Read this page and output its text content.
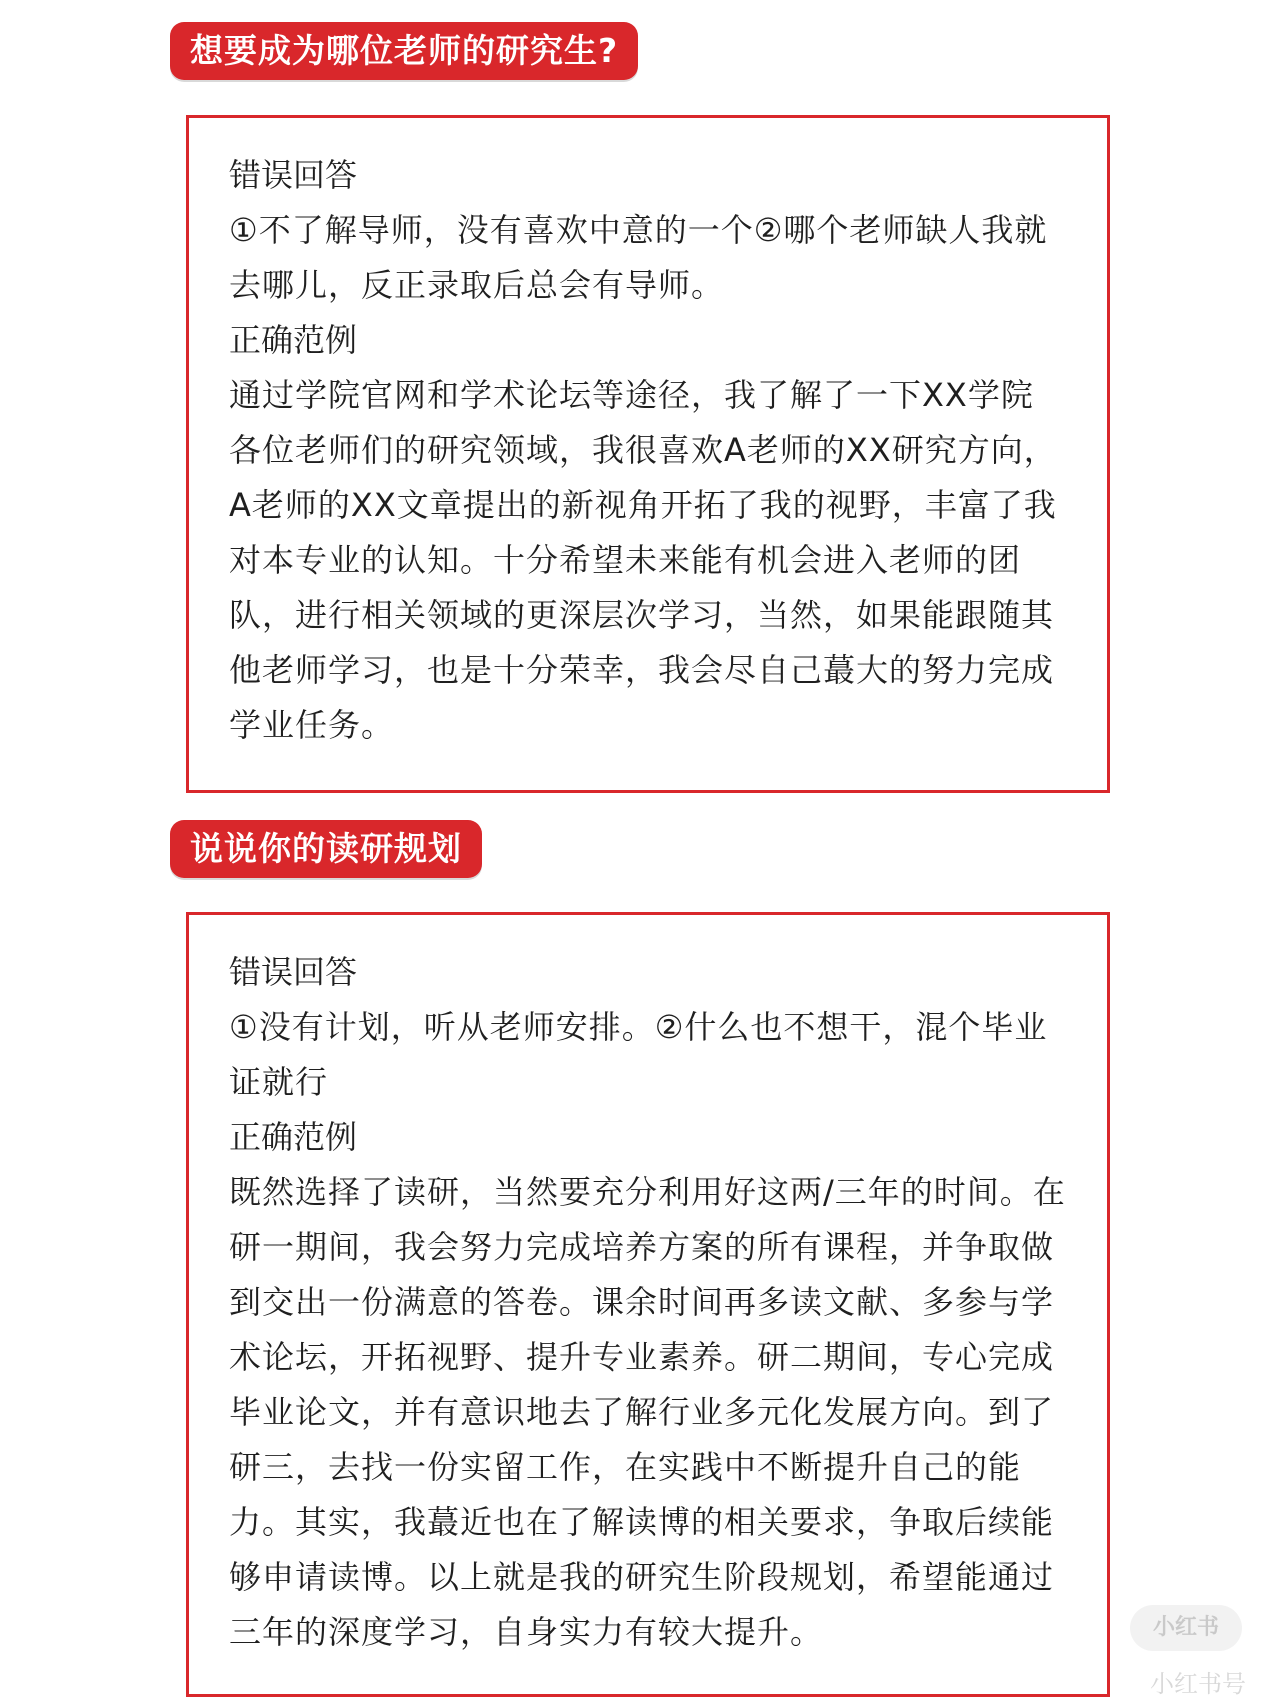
想要成为哪位老师的研究生?

错误回答

①不了解导师，没有喜欢中意的一个②哪个老师缺人我就

去哪儿，反正录取后总会有导师。

正确范例

通过学院官网和学术论坛等途径，我了解了一下XX学院

各位老师们的研究领域，我很喜欢A老师的XX研究方向，

A老师的XX文章提出的新视角开拓了我的视野，丰富了我

对本专业的认知。十分希望未来能有机会进入老师的团

队，进行相关领域的更深层次学习，当然，如果能跟随其

他老师学习，也是十分荣幸，我会尽自己蕞大的努力完成

学业任务。

说说你的读研规划

错误回答

①没有计划，听从老师安排。②什么也不想干，混个毕业

证就行

正确范例

既然选择了读研，当然要充分利用好这两/三年的时间。在

研一期间，我会努力完成培养方案的所有课程，并争取做

到交出一份满意的答卷。课余时间再多读文献、多参与学

术论坛，开拓视野、提升专业素养。研二期间，专心完成

毕业论文，并有意识地去了解行业多元化发展方向。到了

研三，去找一份实留工作，在实践中不断提升自己的能

力。其实，我蕞近也在了解读博的相关要求，争取后续能

够申请读博。以上就是我的研究生阶段规划，希望能通过

三年的深度学习，自身实力有较大提升。	小红书
小红书号
